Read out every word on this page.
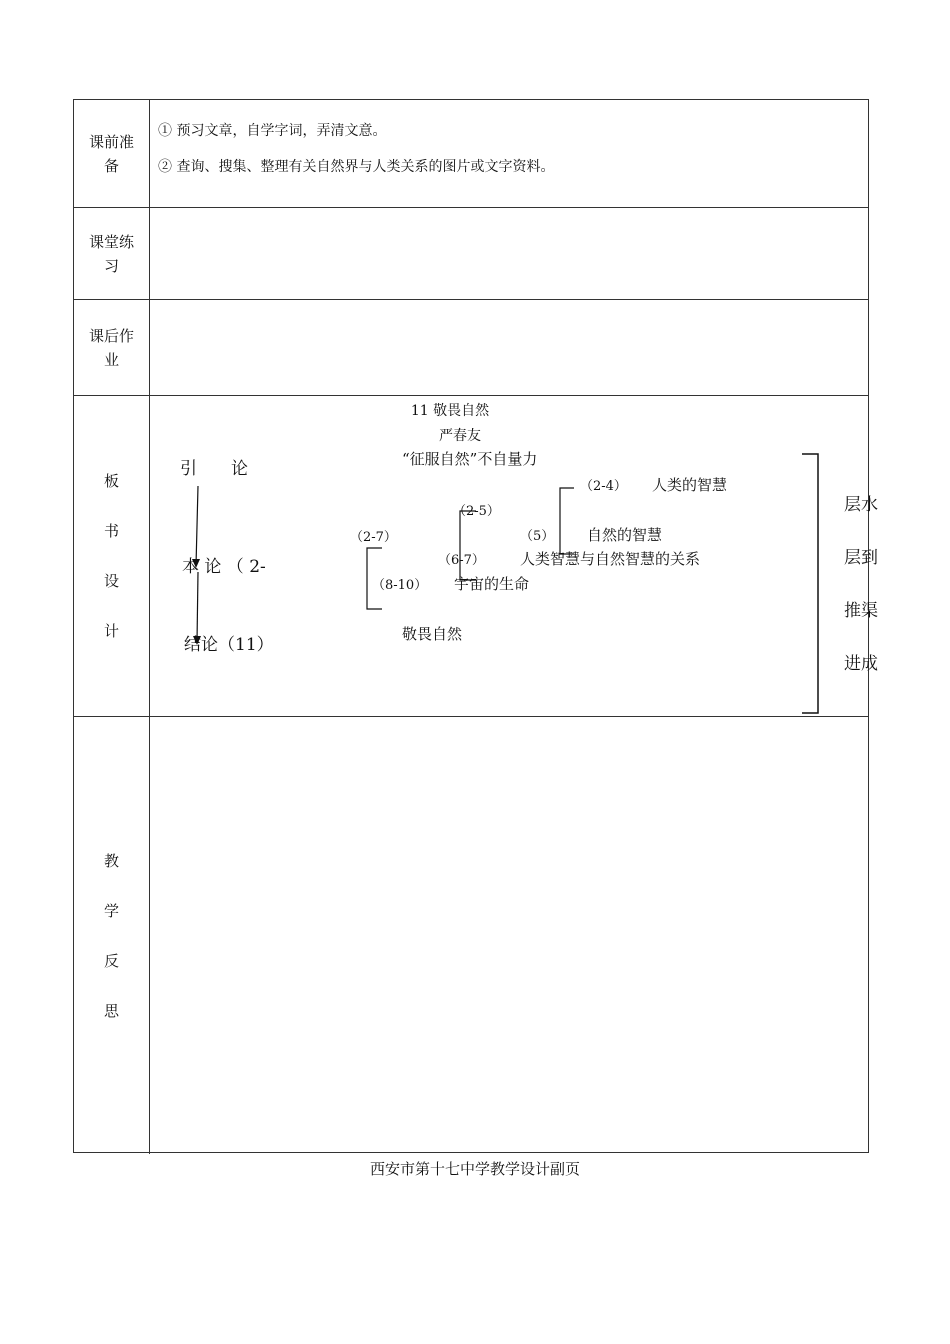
课前准备

① 预习文章，自学字词，弄清文意。

② 查询、搜集、整理有关自然界与人类关系的图片或文字资料。

课堂练习
课后作业
板
书
设
计
11 敬畏自然
严春友
引　　论	“征服自然”不自量力
本 论 （ 2-
（2-7）
（8-10） 宇宙的生命
（2-5）
（6-7） 人类智慧与自然智慧的关系
（2-4） 人类的智慧
（5） 自然的智慧
结论（11）
敬畏自然
层水
层到
推渠
进成
教
学
反
思
西安市第十七中学教学设计副页
